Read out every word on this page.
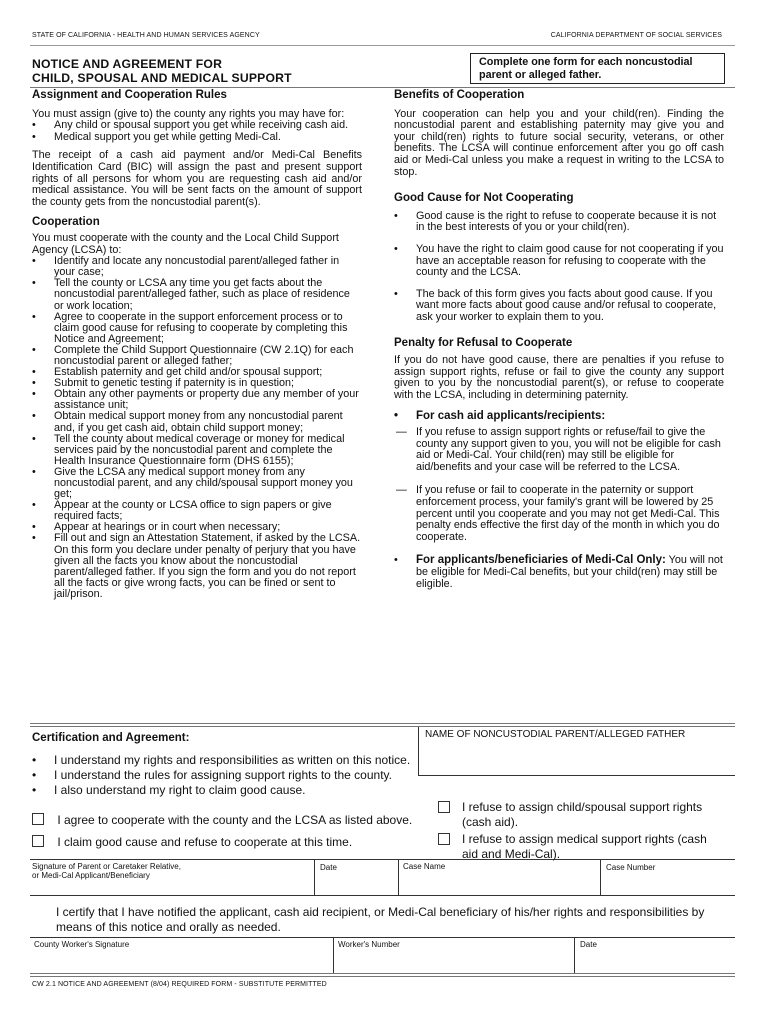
STATE OF CALIFORNIA - HEALTH AND HUMAN SERVICES AGENCY	CALIFORNIA DEPARTMENT OF SOCIAL SERVICES
NOTICE AND AGREEMENT FOR
CHILD, SPOUSAL AND MEDICAL SUPPORT
Complete one form for each noncustodial
parent or alleged father.
Assignment and Cooperation Rules

You must assign (give to) the county any rights you may have for:

• Any child or spousal support you get while receiving cash aid.
• Medical support you get while getting Medi-Cal.

The receipt of a cash aid payment and/or Medi-Cal Benefits Identification Card (BIC) will assign the past and present support rights of all persons for whom you are requesting cash aid and/or medical assistance. You will be sent facts on the amount of support the county gets from the noncustodial parent(s).

Cooperation

You must cooperate with the county and the Local Child Support Agency (LCSA) to:

• Identify and locate any noncustodial parent/alleged father in your case;
• Tell the county or LCSA any time you get facts about the noncustodial parent/alleged father, such as place of residence or work location;
• Agree to cooperate in the support enforcement process or to claim good cause for refusing to cooperate by completing this Notice and Agreement;
• Complete the Child Support Questionnaire (CW 2.1Q) for each noncustodial parent or alleged father;
• Establish paternity and get child and/or spousal support;
• Submit to genetic testing if paternity is in question;
• Obtain any other payments or property due any member of your assistance unit;
• Obtain medical support money from any noncustodial parent and, if you get cash aid, obtain child support money;
• Tell the county about medical coverage or money for medical services paid by the noncustodial parent and complete the Health Insurance Questionnaire form (DHS 6155);
• Give the LCSA any medical support money from any noncustodial parent, and any child/spousal support money you get;
• Appear at the county or LCSA office to sign papers or give required facts;
• Appear at hearings or in court when necessary;
• Fill out and sign an Attestation Statement, if asked by the LCSA. On this form you declare under penalty of perjury that you have given all the facts you know about the noncustodial parent/alleged father. If you sign the form and you do not report all the facts or give wrong facts, you can be fined or sent to jail/prison.
Benefits of Cooperation

Your cooperation can help you and your child(ren). Finding the noncustodial parent and establishing paternity may give you and your child(ren) rights to future social security, veterans, or other benefits. The LCSA will continue enforcement after you go off cash aid or Medi-Cal unless you make a request in writing to the LCSA to stop.

Good Cause for Not Cooperating
• Good cause is the right to refuse to cooperate because it is not in the best interests of you or your child(ren).
• You have the right to claim good cause for not cooperating if you have an acceptable reason for refusing to cooperate with the county and the LCSA.
• The back of this form gives you facts about good cause. If you want more facts about good cause and/or refusal to cooperate, ask your worker to explain them to you.
Penalty for Refusal to Cooperate

If you do not have good cause, there are penalties if you refuse to assign support rights, refuse or fail to give the county any support given to you by the noncustodial parent(s), or refuse to cooperate with the LCSA, including in determining paternity.

• For cash aid applicants/recipients:
— If you refuse to assign support rights or refuse/fail to give the county any support given to you, you will not be eligible for cash aid or Medi-Cal. Your child(ren) may still be eligible for aid/benefits and your case will be referred to the LCSA.
— If you refuse or fail to cooperate in the paternity or support enforcement process, your family's grant will be lowered by 25 percent until you cooperate and you may not get Medi-Cal. This penalty ends effective the first day of the month in which you do cooperate.
• For applicants/beneficiaries of Medi-Cal Only: You will not be eligible for Medi-Cal benefits, but your child(ren) may still be eligible.
NAME OF NONCUSTODIAL PARENT/ALLEGED FATHER
Certification and Agreement:
• I understand my rights and responsibilities as written on this notice.
• I understand the rules for assigning support rights to the county.
• I also understand my right to claim good cause.
I agree to cooperate with the county and the LCSA as listed above.
I claim good cause and refuse to cooperate at this time.
I refuse to assign child/spousal support rights
(cash aid).
I refuse to assign medical support rights (cash
aid and Medi-Cal).
Signature of Parent or Caretaker Relative,
or Medi-Cal Applicant/Beneficiary
Date	Case Name	Case Number
I certify that I have notified the applicant, cash aid recipient, or Medi-Cal beneficiary of his/her rights and responsibilities by means of this notice and orally as needed.
County Worker's Signature	Worker's Number	Date
CW 2.1 NOTICE AND AGREEMENT (8/04) REQUIRED FORM - SUBSTITUTE PERMITTED
